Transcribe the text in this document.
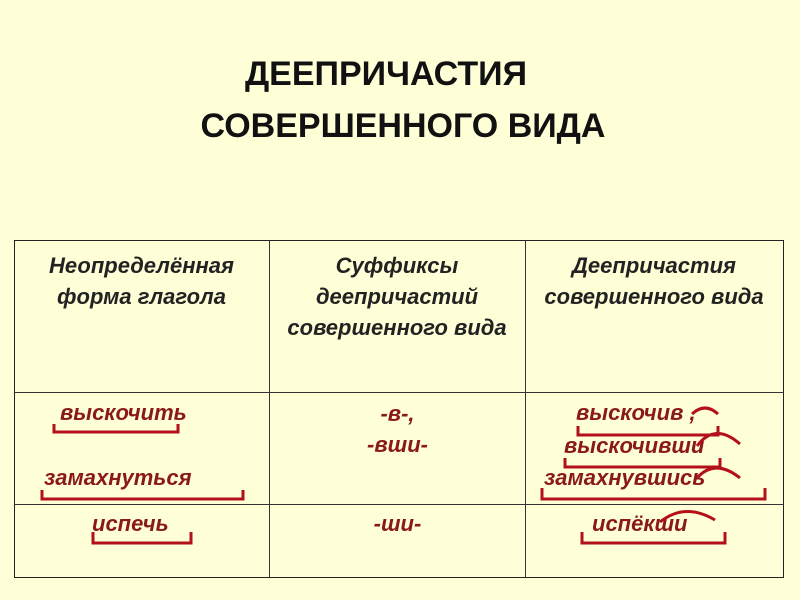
ДЕЕПРИЧАСТИЯ
СОВЕРШЕННОГО ВИДА
Неопределённая форма глагола
Суффиксы деепричастий совершенного вида
Деепричастия совершенного вида
выскочить
замахнуться
-в-,
-вши-
выскочив ,
выскочивши
замахнувшись
испечь	-ши-	испёкши
